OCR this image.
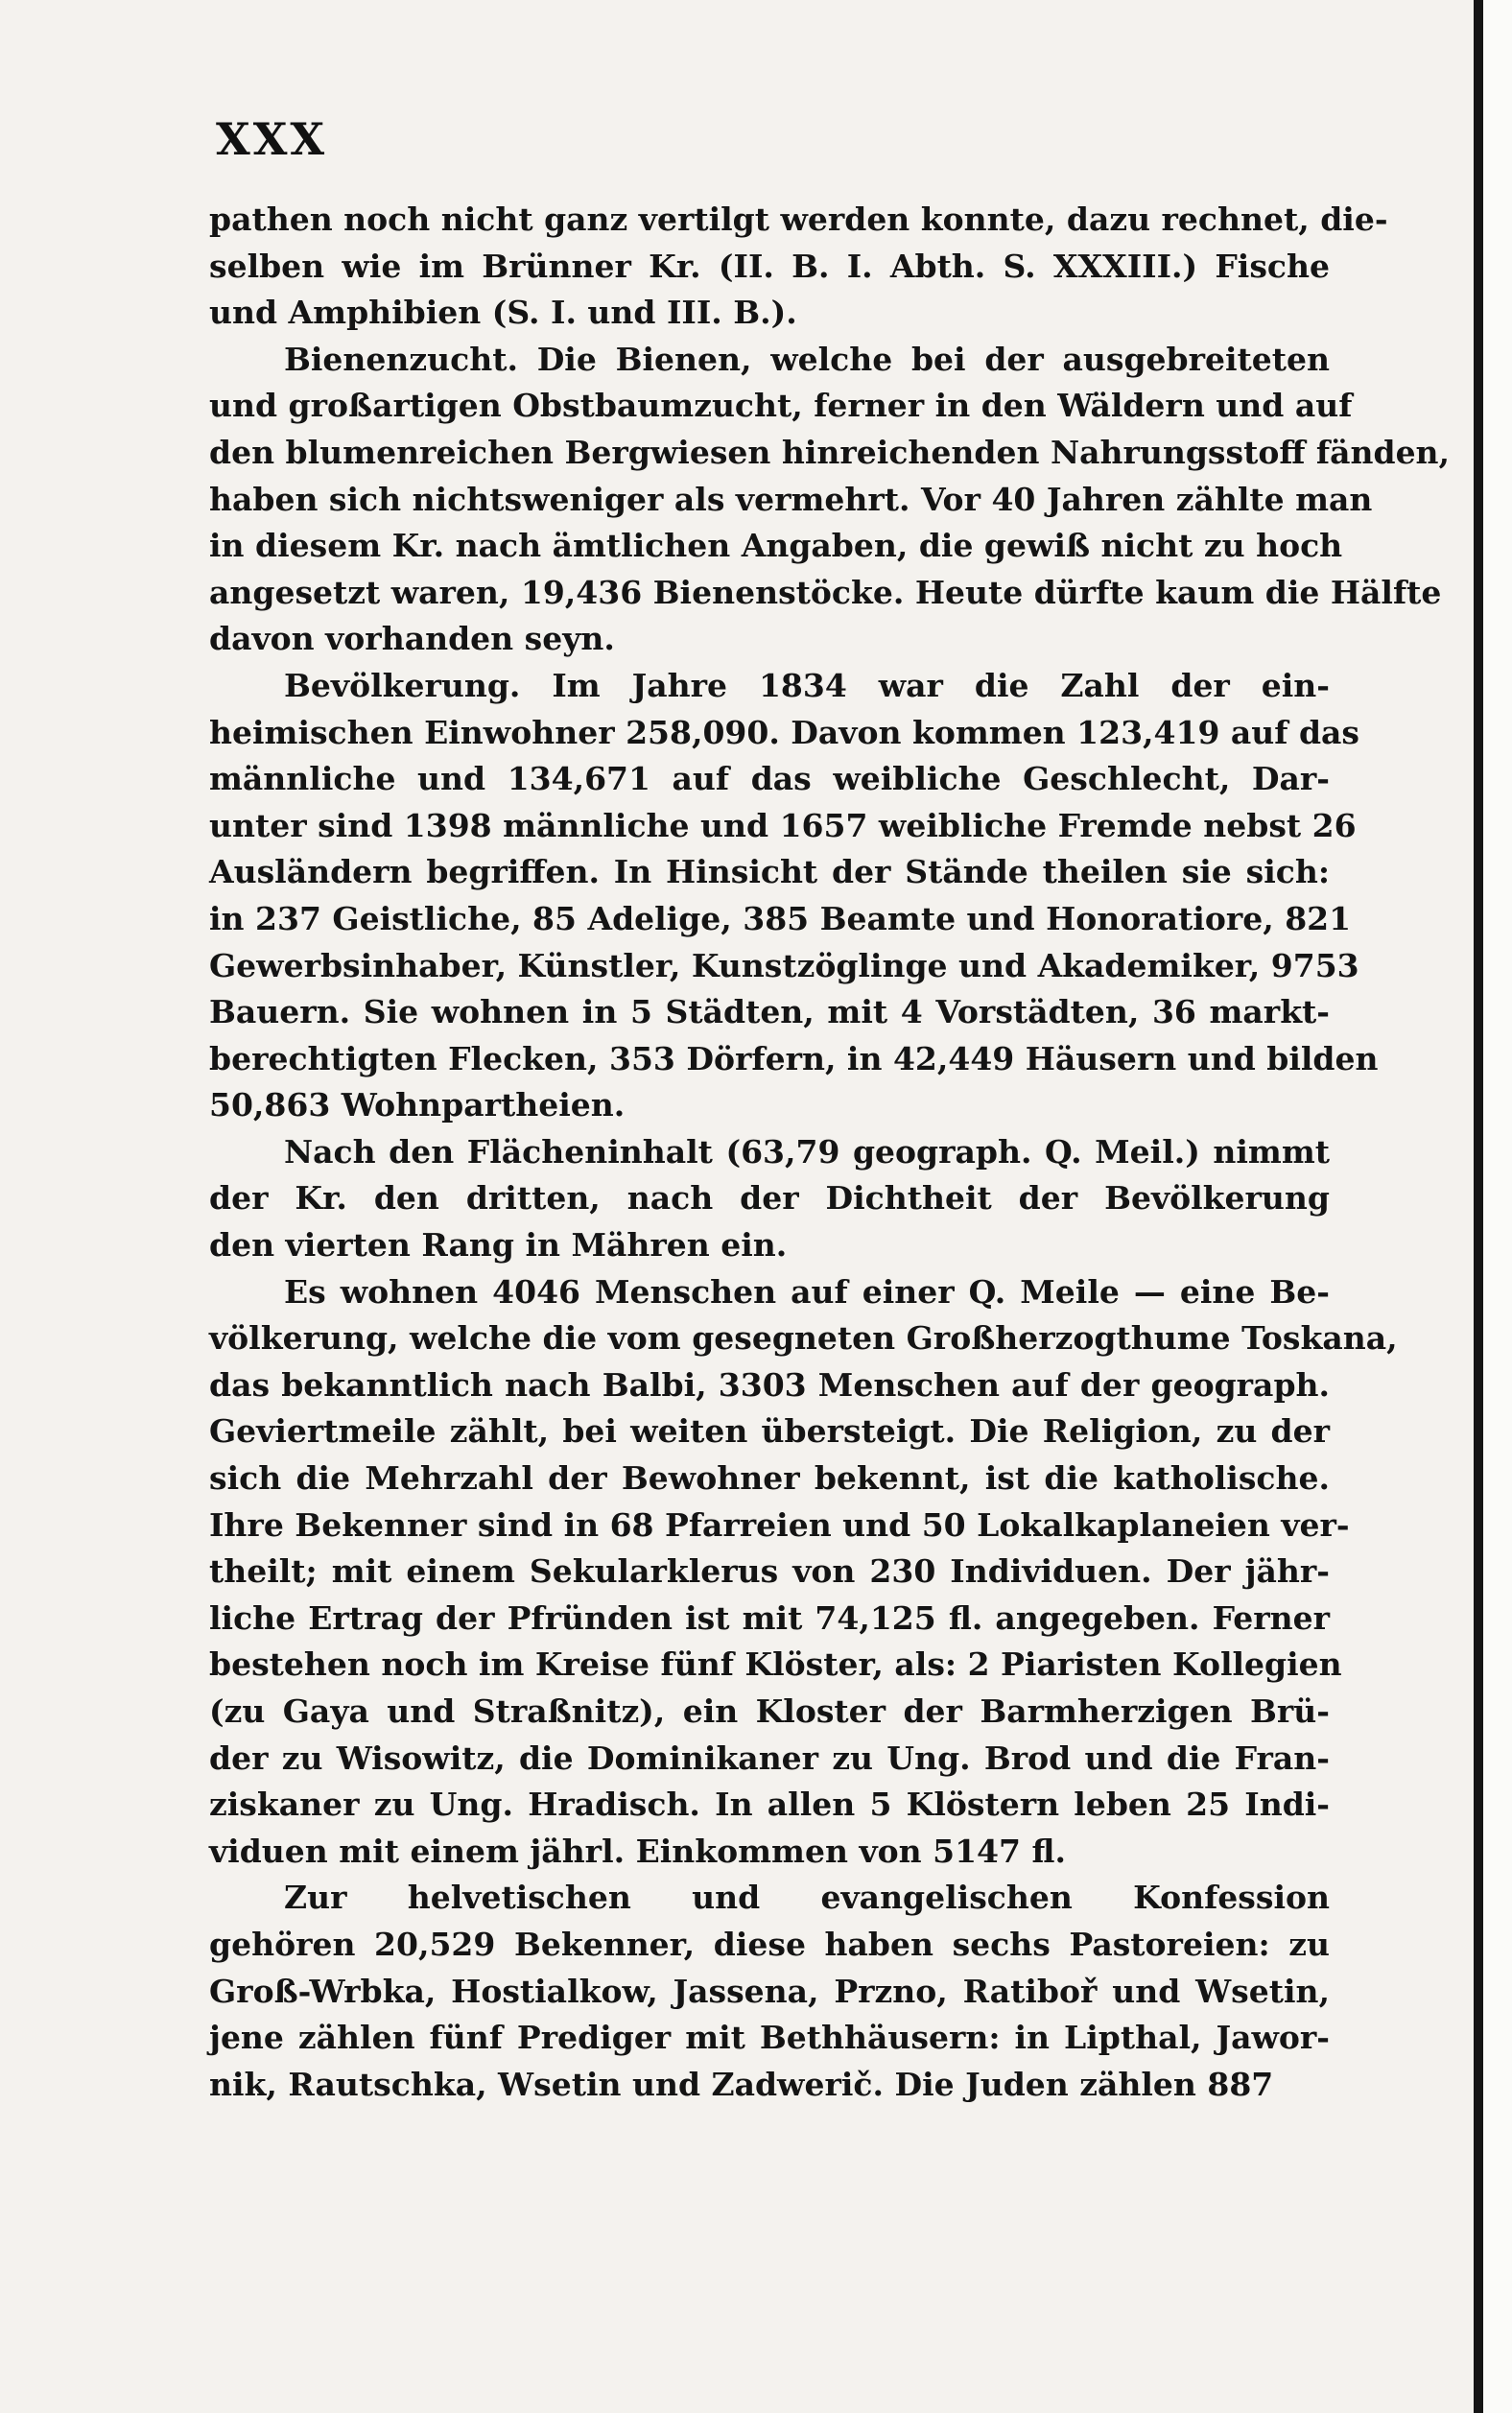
XXX
pathen noch nicht ganz vertilgt werden konnte, dazu rechnet, die-
selben wie im Brünner Kr. (II. B. I. Abth. S. XXXIII.) Fische
und Amphibien (S. I. und III. B.).
Bienenzucht. Die Bienen, welche bei der ausgebreiteten
und großartigen Obstbaumzucht, ferner in den Wäldern und auf
den blumenreichen Bergwiesen hinreichenden Nahrungsstoff fänden,
haben sich nichtsweniger als vermehrt. Vor 40 Jahren zählte man
in diesem Kr. nach ämtlichen Angaben, die gewiß nicht zu hoch
angesetzt waren, 19,436 Bienenstöcke. Heute dürfte kaum die Hälfte
davon vorhanden seyn.
Bevölkerung. Im Jahre 1834 war die Zahl der ein-
heimischen Einwohner 258,090. Davon kommen 123,419 auf das
männliche und 134,671 auf das weibliche Geschlecht, Dar-
unter sind 1398 männliche und 1657 weibliche Fremde nebst 26
Ausländern begriffen. In Hinsicht der Stände theilen sie sich:
in 237 Geistliche, 85 Adelige, 385 Beamte und Honoratiore, 821
Gewerbsinhaber, Künstler, Kunstzöglinge und Akademiker, 9753
Bauern. Sie wohnen in 5 Städten, mit 4 Vorstädten, 36 markt-
berechtigten Flecken, 353 Dörfern, in 42,449 Häusern und bilden
50,863 Wohnpartheien.
Nach den Flächeninhalt (63,79 geograph. Q. Meil.) nimmt
der Kr. den dritten, nach der Dichtheit der Bevölkerung
den vierten Rang in Mähren ein.
Es wohnen 4046 Menschen auf einer Q. Meile — eine Be-
völkerung, welche die vom gesegneten Großherzogthume Toskana,
das bekanntlich nach Balbi, 3303 Menschen auf der geograph.
Geviertmeile zählt, bei weiten übersteigt. Die Religion, zu der
sich die Mehrzahl der Bewohner bekennt, ist die katholische.
Ihre Bekenner sind in 68 Pfarreien und 50 Lokalkaplaneien ver-
theilt; mit einem Sekularklerus von 230 Individuen. Der jähr-
liche Ertrag der Pfründen ist mit 74,125 fl. angegeben. Ferner
bestehen noch im Kreise fünf Klöster, als: 2 Piaristen Kollegien
(zu Gaya und Straßnitz), ein Kloster der Barmherzigen Brü-
der zu Wisowitz, die Dominikaner zu Ung. Brod und die Fran-
ziskaner zu Ung. Hradisch. In allen 5 Klöstern leben 25 Indi-
viduen mit einem jährl. Einkommen von 5147 fl.
Zur helvetischen und evangelischen Konfession
gehören 20,529 Bekenner, diese haben sechs Pastoreien: zu
Groß-Wrbka, Hostialkow, Jassena, Przno, Ratiboř und Wsetin,
jene zählen fünf Prediger mit Bethhäusern: in Lipthal, Jawor-
nik, Rautschka, Wsetin und Zadwerič. Die Juden zählen 887
